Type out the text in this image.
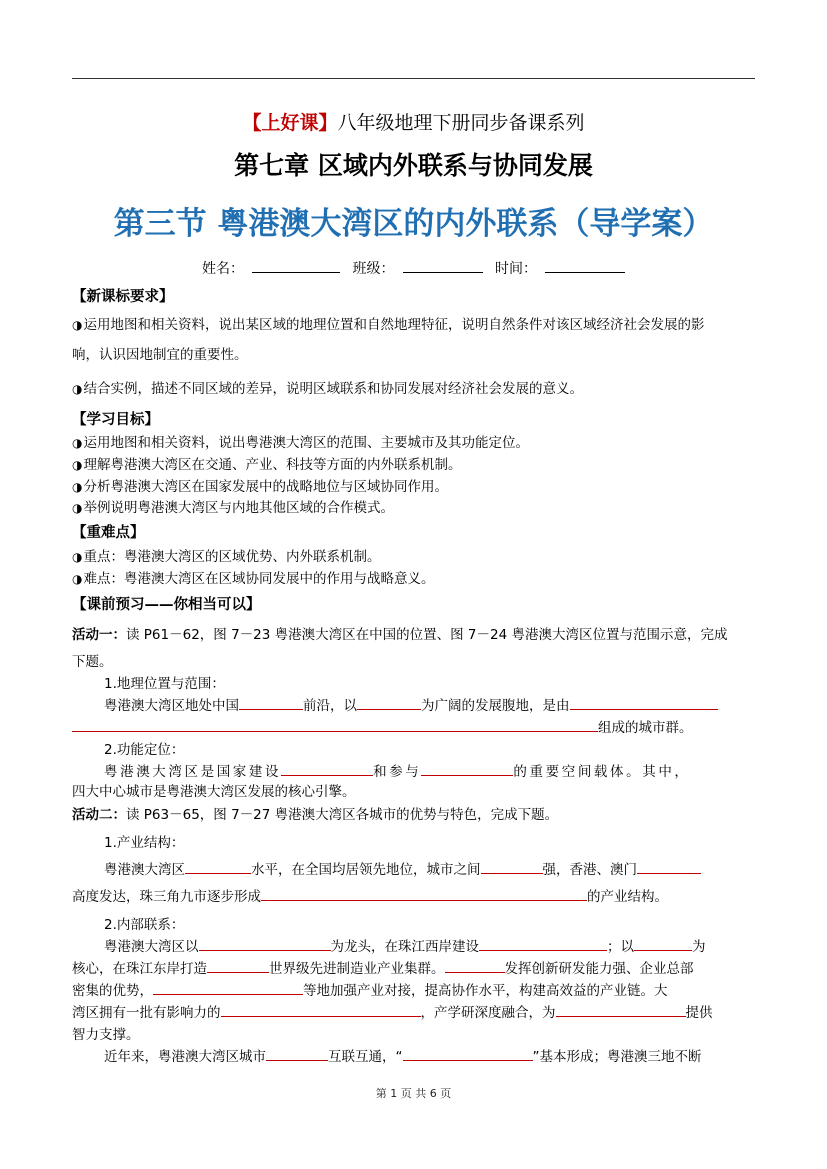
【上好课】八年级地理下册同步备课系列
第七章 区域内外联系与协同发展
第三节 粤港澳大湾区的内外联系（导学案）
姓名：	班级：	时间：
【新课标要求】
◑ 运用地图和相关资料，说出某区域的地理位置和自然地理特征，说明自然条件对该区域经济社会发展的影
响，认识因地制宜的重要性。
◑ 结合实例，描述不同区域的差异，说明区域联系和协同发展对经济社会发展的意义。
【学习目标】
◑ 运用地图和相关资料，说出粤港澳大湾区的范围、主要城市及其功能定位。
◑ 理解粤港澳大湾区在交通、产业、科技等方面的内外联系机制。
◑ 分析粤港澳大湾区在国家发展中的战略地位与区域协同作用。
◑ 举例说明粤港澳大湾区与内地其他区域的合作模式。
【重难点】
◑ 重点：粤港澳大湾区的区域优势、内外联系机制。
◑ 难点：粤港澳大湾区在区域协同发展中的作用与战略意义。
【课前预习——你相当可以】
活动一：读 P61－62，图 7－23 粤港澳大湾区在中国的位置、图 7－24 粤港澳大湾区位置与范围示意，完成
下题。
1.地理位置与范围：
粤港澳大湾区地处中国	前沿，以	为广阔的发展腹地，是由
组成的城市群。
2.功能定位：
粤港澳大湾区是国家建设	和参与	的重要空间载体。其中，
四大中心城市是粤港澳大湾区发展的核心引擎。
活动二：读 P63－65，图 7－27 粤港澳大湾区各城市的优势与特色，完成下题。
1.产业结构：
粤港澳大湾区	水平，在全国均居领先地位，城市之间	强，香港、澳门
高度发达，珠三角九市逐步形成	的产业结构。
2.内部联系：
粤港澳大湾区以	为龙头，在珠江西岸建设	；以	为
核心，在珠江东岸打造	世界级先进制造业产业集群。	发挥创新研发能力强、企业总部
密集的优势，	等地加强产业对接，提高协作水平，构建高效益的产业链。大
湾区拥有一批有影响力的	，产学研深度融合，为	提供
智力支撑。
近年来，粤港澳大湾区城市	互联互通，“	”基本形成；粤港澳三地不断
第 1 页 共 6 页
